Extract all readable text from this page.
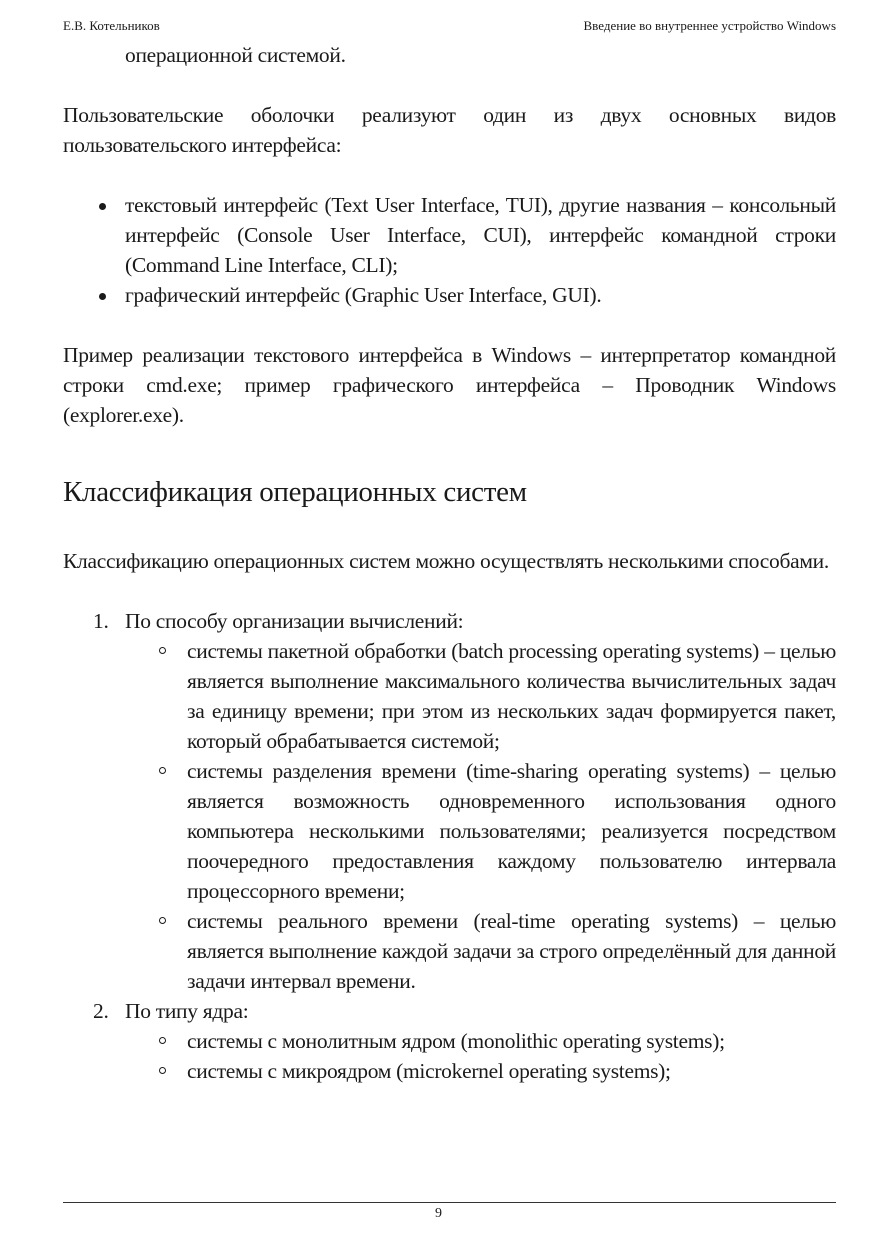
Е.В. Котельников	Введение во внутреннее устройство Windows

операционной системой.

Пользовательские оболочки реализуют один из двух основных видов пользовательского интерфейса:

текстовый интерфейс (Text User Interface, TUI), другие названия – консольный интерфейс (Console User Interface, CUI), интерфейс командной строки (Command Line Interface, CLI);
графический интерфейс (Graphic User Interface, GUI).

Пример реализации текстового интерфейса в Windows – интерпретатор командной строки cmd.exe; пример графического интерфейса – Проводник Windows (explorer.exe).

Классификация операционных систем

Классификацию операционных систем можно осуществлять несколькими способами.

1. По способу организации вычислений:
системы пакетной обработки (batch processing operating systems) – целью является выполнение максимального количества вычислительных задач за единицу времени; при этом из нескольких задач формируется пакет, который обрабатывается системой;
системы разделения времени (time-sharing operating systems) – целью является возможность одновременного использования одного компьютера несколькими пользователями; реализуется посредством поочередного предоставления каждому пользователю интервала процессорного времени;
системы реального времени (real-time operating systems) – целью является выполнение каждой задачи за строго определённый для данной задачи интервал времени.
2. По типу ядра:
системы с монолитным ядром (monolithic operating systems);
системы с микроядром (microkernel operating systems);
9
